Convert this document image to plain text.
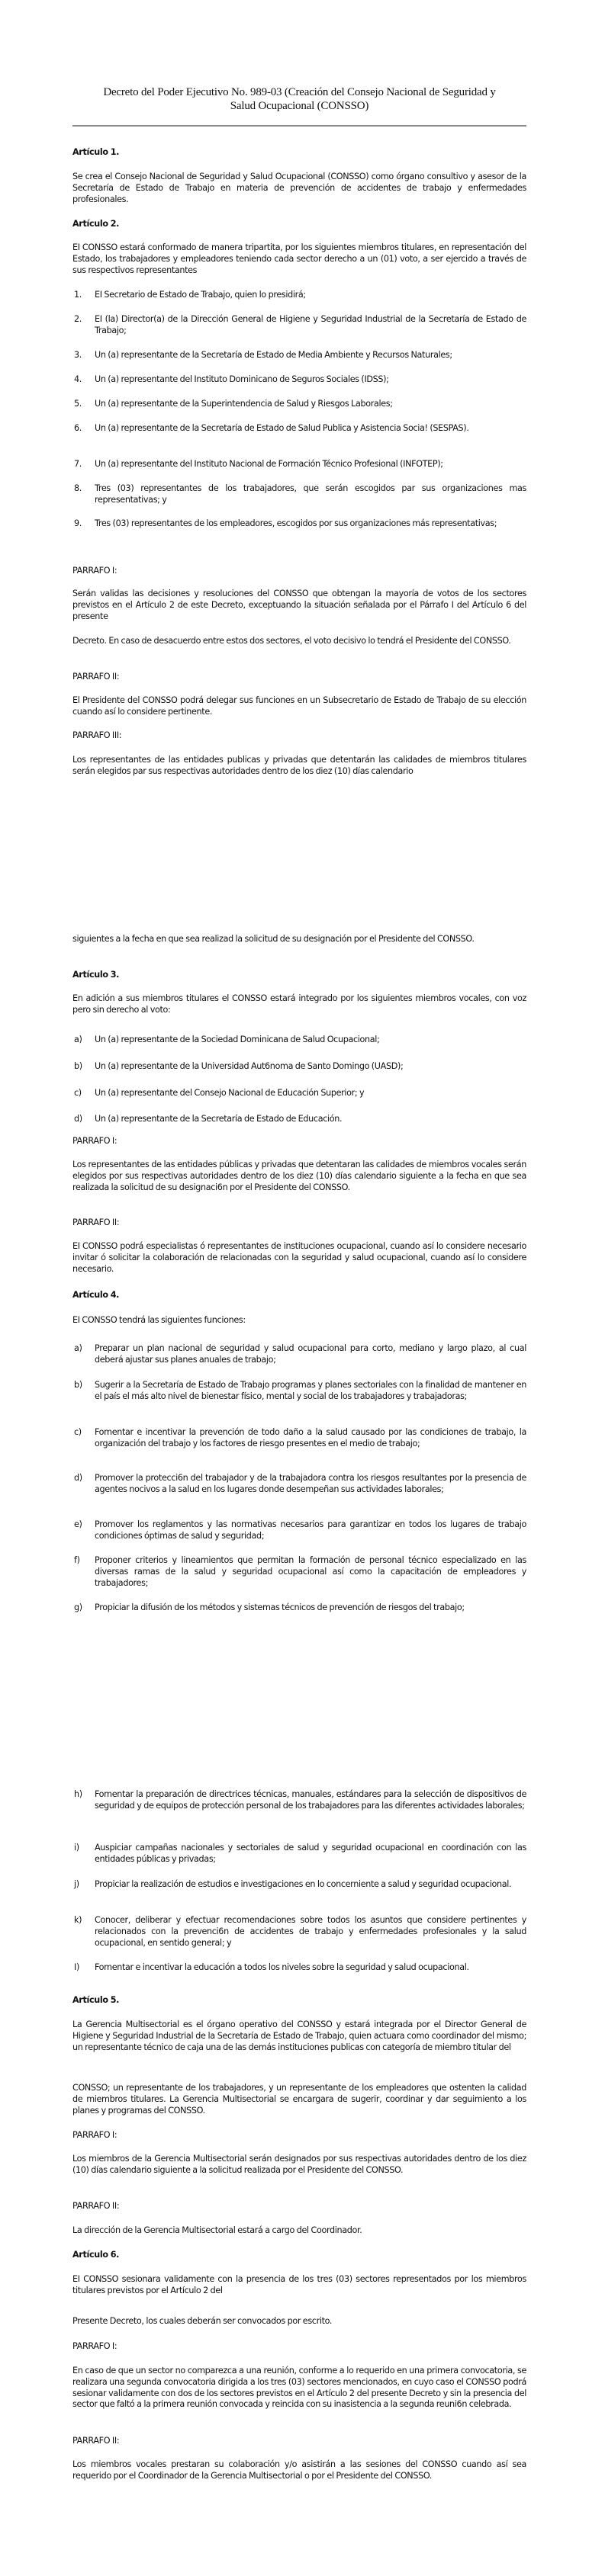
Decreto del Poder Ejecutivo No. 989-03 (Creación del Consejo Nacional de Seguridad y
Salud Ocupacional (CONSSO)
Artículo 1.
Se crea el Consejo Nacional de Seguridad y Salud Ocupacional (CONSSO) como órgano consultivo y asesor de la Secretaría de Estado de Trabajo en materia de prevención de accidentes de trabajo y enfermedades profesionales.
Artículo 2.
EI CONSSO estará conformado de manera tripartita, por los siguientes miembros titulares, en representación del Estado, los trabajadores y empleadores teniendo cada sector derecho a un (01) voto, a ser ejercido a través de sus respectivos representantes
1. EI Secretario de Estado de Trabajo, quien lo presidirá;
2. EI (la) Director(a) de la Dirección General de Higiene y Seguridad Industrial de la Secretaría de Estado de Trabajo;
3. Un (a) representante de la Secretaría de Estado de Media Ambiente y Recursos Naturales;
4. Un (a) representante del Instituto Dominicano de Seguros Sociales (IDSS);
5. Un (a) representante de la Superintendencia de Salud y Riesgos Laborales;
6. Un (a) representante de la Secretaría de Estado de Salud Publica y Asistencia Socia! (SESPAS).
7. Un (a) representante del Instituto Nacional de Formación Técnico Profesional (INFOTEP);
8. Tres (03) representantes de los trabajadores, que serán escogidos par sus organizaciones mas representativas; y
9. Tres (03) representantes de los empleadores, escogidos por sus organizaciones más representativas;
PARRAFO I:
Serán validas las decisiones y resoluciones del CONSSO que obtengan la mayoría de votos de los sectores previstos en el Artículo 2 de este Decreto, exceptuando la situación señalada por el Párrafo I del Artículo 6 del presente
Decreto. En caso de desacuerdo entre estos dos sectores, el voto decisivo lo tendrá el Presidente del CONSSO.
PARRAFO II:
El Presidente del CONSSO podrá delegar sus funciones en un Subsecretario de Estado de Trabajo de su elección cuando así lo considere pertinente.
PARRAFO III:
Los representantes de las entidades publicas y privadas que detentarán las calidades de miembros titulares serán elegidos par sus respectivas autoridades dentro de los diez (10) días calendario
siguientes a la fecha en que sea realizad la solicitud de su designación por el Presidente del CONSSO.
Artículo 3.
En adición a sus miembros titulares el CONSSO estará integrado por los siguientes miembros vocales, con voz pero sin derecho al voto:
a) Un (a) representante de la Sociedad Dominicana de Salud Ocupacional;
b) Un (a) representante de la Universidad Aut6noma de Santo Domingo (UASD);
c) Un (a) representante del Consejo Nacional de Educación Superior; y
d) Un (a) representante de la Secretaría de Estado de Educación.
PARRAFO I:
Los representantes de las entidades públicas y privadas que detentaran las calidades de miembros vocales serán elegidos por sus respectivas autoridades dentro de los diez (10) días calendario siguiente a la fecha en que sea realizada la solicitud de su designaci6n por el Presidente del CONSSO.
PARRAFO II:
EI CONSSO podrá especialistas ó representantes de instituciones ocupacional, cuando así lo considere necesario invitar ó solicitar la colaboración de relacionadas con la seguridad y salud ocupacional, cuando así lo considere necesario.
Artículo 4.
EI CONSSO tendrá las siguientes funciones:
a) Preparar un plan nacional de seguridad y salud ocupacional para corto, mediano y largo plazo, al cual deberá ajustar sus planes anuales de trabajo;
b) Sugerir a la Secretaría de Estado de Trabajo programas y planes sectoriales con la finalidad de mantener en el país el más alto nivel de bienestar físico, mental y social de los trabajadores y trabajadoras;
c) Fomentar e incentivar la prevención de todo daño a la salud causado por las condiciones de trabajo, la organización del trabajo y los factores de riesgo presentes en el medio de trabajo;
d) Promover la protecci6n del trabajador y de la trabajadora contra los riesgos resultantes por la presencia de agentes nocivos a la salud en los lugares donde desempeñan sus actividades laborales;
e) Promover los reglamentos y las normativas necesarios para garantizar en todos los lugares de trabajo condiciones óptimas de salud y seguridad;
f) Proponer criterios y lineamientos que permitan la formación de personal técnico especializado en las diversas ramas de la salud y seguridad ocupacional así como la capacitación de empleadores y trabajadores;
g) Propiciar la difusión de los métodos y sistemas técnicos de prevención de riesgos del trabajo;
h) Fomentar la preparación de directrices técnicas, manuales, estándares para la selección de dispositivos de seguridad y de equipos de protección personal de los trabajadores para las diferentes actividades laborales;
i) Auspiciar campañas nacionales y sectoriales de salud y seguridad ocupacional en coordinación con las entidades públicas y privadas;
j) Propiciar la realización de estudios e investigaciones en lo concerniente a salud y seguridad ocupacional.
k) Conocer, deliberar y efectuar recomendaciones sobre todos los asuntos que considere pertinentes y relacionados con la prevenci6n de accidentes de trabajo y enfermedades profesionales y la salud ocupacional, en sentido general; y
I) Fomentar e incentivar la educación a todos los niveles sobre la seguridad y salud ocupacional.
Artículo 5.
La Gerencia Multisectorial es el órgano operativo del CONSSO y estará integrada por el Director General de Higiene y Seguridad Industrial de la Secretaría de Estado de Trabajo, quien actuara como coordinador del mismo; un representante técnico de caja una de las demás instituciones publicas con categoría de miembro titular del
CONSSO; un representante de los trabajadores, y un representante de los empleadores que ostenten la calidad de miembros titulares. La Gerencia Multisectorial se encargara de sugerir, coordinar y dar seguimiento a los planes y programas del CONSSO.
PARRAFO I:
Los miembros de la Gerencia Multisectorial serán designados por sus respectivas autoridades dentro de los diez (10) días calendario siguiente a la solicitud realizada por el Presidente del CONSSO.
PARRAFO II:
La dirección de la Gerencia Multisectorial estará a cargo del Coordinador.
Artículo 6.
EI CONSSO sesionara validamente con la presencia de los tres (03) sectores representados por los miembros titulares previstos por el Artículo 2 del
Presente Decreto, los cuales deberán ser convocados por escrito.
PARRAFO I:
En caso de que un sector no comparezca a una reunión, conforme a lo requerido en una primera convocatoria, se realizara una segunda convocatoria dirigida a los tres (03) sectores mencionados, en cuyo caso el CONSSO podrá sesionar validamente con dos de los sectores previstos en el Artículo 2 del presente Decreto y sin la presencia del sector que faltó a la primera reunión convocada y reincida con su inasistencia a la segunda reuni6n celebrada.
PARRAFO II:
Los miembros vocales prestaran su colaboración y/o asistirán a las sesiones del CONSSO cuando así sea requerido por el Coordinador de la Gerencia Multisectorial o por el Presidente del CONSSO.
